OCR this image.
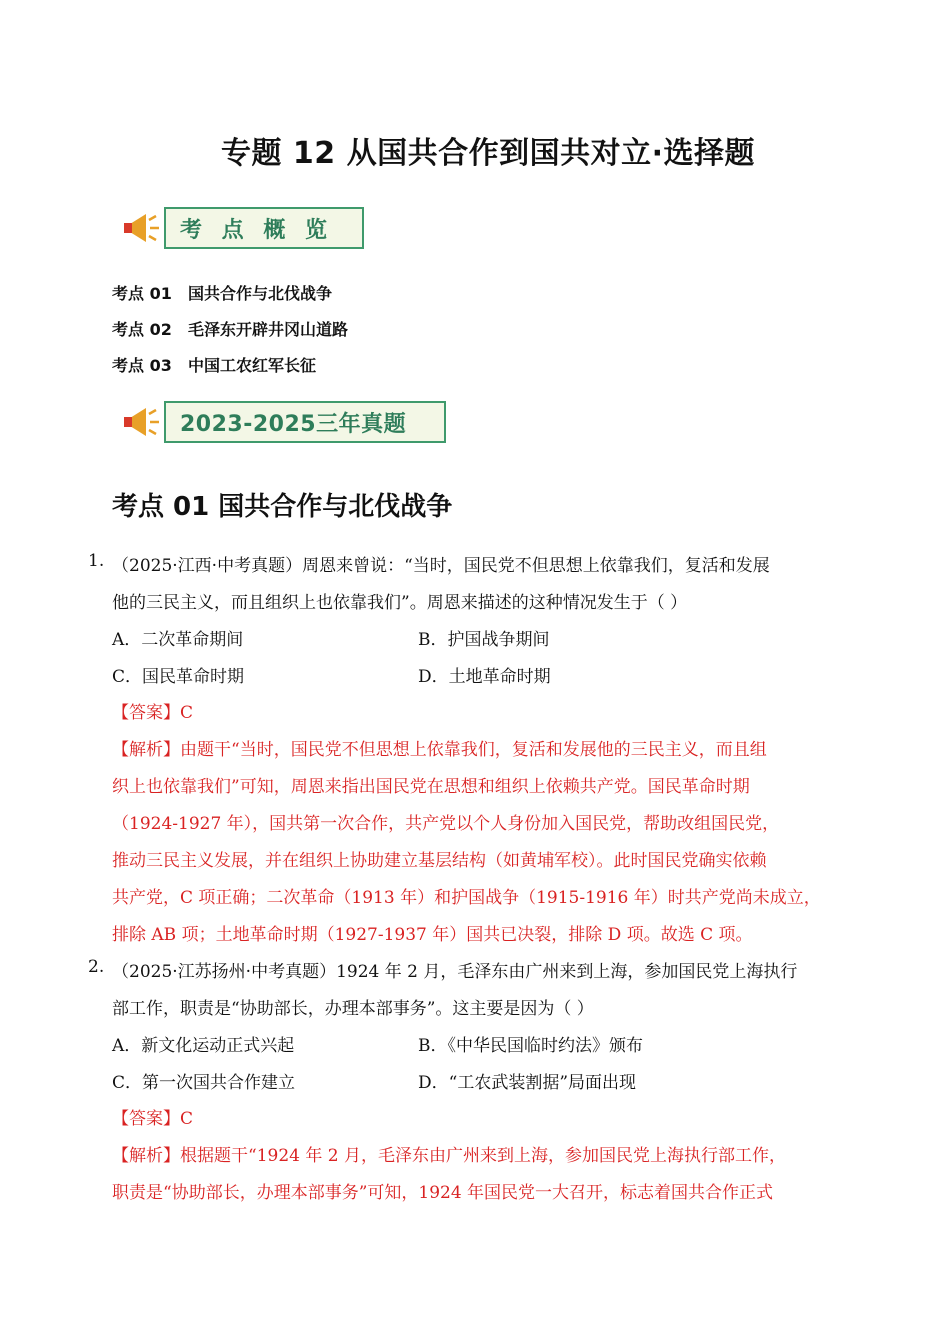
专题 12 从国共合作到国共对立·选择题
考 点 概 览
考点 01 国共合作与北伐战争
考点 02 毛泽东开辟井冈山道路
考点 03 中国工农红军长征
2023-2025三年真题
考点 01 国共合作与北伐战争
1. （2025·江西·中考真题）周恩来曾说：“当时，国民党不但思想上依靠我们，复活和发展
他的三民主义，而且组织上也依靠我们”。周恩来描述的这种情况发生于（ ）
A．二次革命期间	B．护国战争期间
C．国民革命时期	D．土地革命时期
【答案】C
【解析】由题干“当时，国民党不但思想上依靠我们，复活和发展他的三民主义，而且组
织上也依靠我们”可知，周恩来指出国民党在思想和组织上依赖共产党。国民革命时期
（1924-1927 年），国共第一次合作，共产党以个人身份加入国民党，帮助改组国民党，
推动三民主义发展，并在组织上协助建立基层结构（如黄埔军校）。此时国民党确实依赖
共产党，C 项正确；二次革命（1913 年）和护国战争（1915-1916 年）时共产党尚未成立，
排除 AB 项；土地革命时期（1927-1937 年）国共已决裂，排除 D 项。故选 C 项。
2. （2025·江苏扬州·中考真题）1924 年 2 月，毛泽东由广州来到上海，参加国民党上海执行
部工作，职责是“协助部长，办理本部事务”。这主要是因为（ ）
A．新文化运动正式兴起	B．《中华民国临时约法》颁布
C．第一次国共合作建立	D．“工农武装割据”局面出现
【答案】C
【解析】根据题干“1924 年 2 月，毛泽东由广州来到上海，参加国民党上海执行部工作，
职责是“协助部长，办理本部事务”可知，1924 年国民党一大召开，标志着国共合作正式
